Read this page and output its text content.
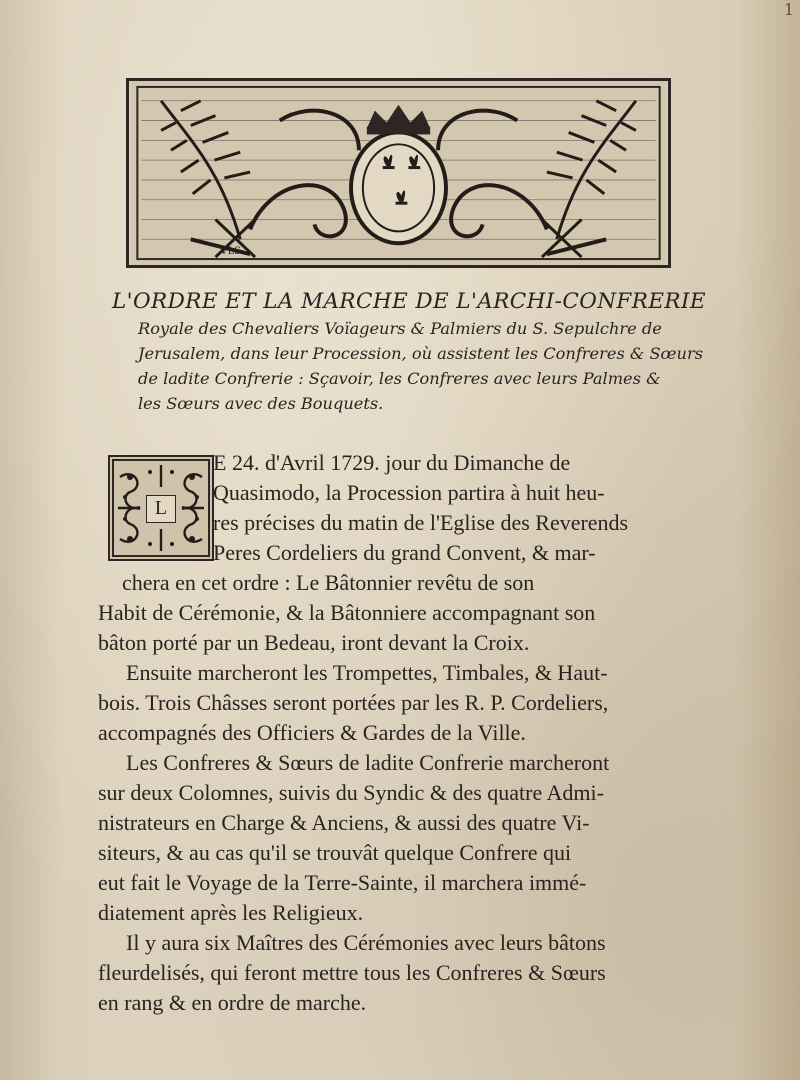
1
VLS
L'ORDRE ET LA MARCHE DE L'ARCHI-CONFRERIE
Royale des Chevaliers Voïageurs & Palmiers du S. Sepulchre de
Jerusalem, dans leur Procession, où assistent les Confreres & Sœurs
de ladite Confrerie : Sçavoir, les Confreres avec leurs Palmes &
les Sœurs avec des Bouquets.
L
E 24. d'Avril 1729. jour du Dimanche de
Quasimodo, la Procession partira à huit heu-
res précises du matin de l'Eglise des Reverends
Peres Cordeliers du grand Convent, & mar-
chera en cet ordre : Le Bâtonnier revêtu de son
Habit de Cérémonie, & la Bâtonniere accompagnant son
bâton porté par un Bedeau, iront devant la Croix.
Ensuite marcheront les Trompettes, Timbales, & Haut-
bois. Trois Châsses seront portées par les R. P. Cordeliers,
accompagnés des Officiers & Gardes de la Ville.
Les Confreres & Sœurs de ladite Confrerie marcheront
sur deux Colomnes, suivis du Syndic & des quatre Admi-
nistrateurs en Charge & Anciens, & aussi des quatre Vi-
siteurs, & au cas qu'il se trouvât quelque Confrere qui
eut fait le Voyage de la Terre-Sainte, il marchera immé-
diatement après les Religieux.
Il y aura six Maîtres des Cérémonies avec leurs bâtons
fleurdelisés, qui feront mettre tous les Confreres & Sœurs
en rang & en ordre de marche.
